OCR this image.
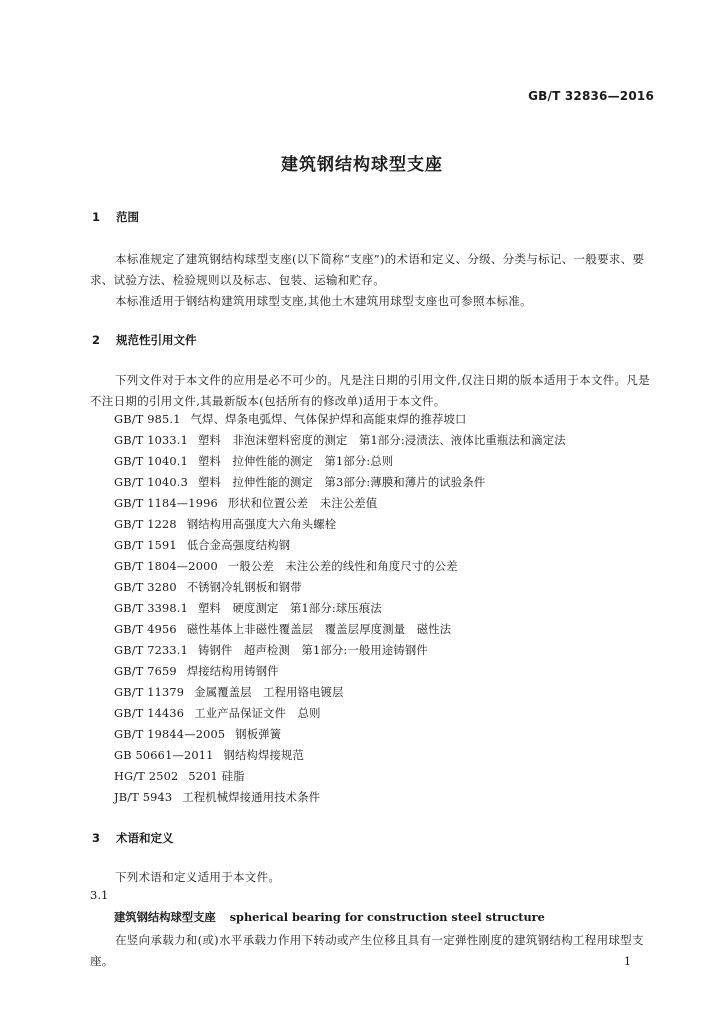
GB/T 32836—2016
建筑钢结构球型支座
1 范围
本标准规定了建筑钢结构球型支座(以下简称“支座”)的术语和定义、分级、分类与标记、一般要求、要求、试验方法、检验规则以及标志、包装、运输和贮存。
本标准适用于钢结构建筑用球型支座,其他土木建筑用球型支座也可参照本标准。
2 规范性引用文件
下列文件对于本文件的应用是必不可少的。凡是注日期的引用文件,仅注日期的版本适用于本文件。凡是不注日期的引用文件,其最新版本(包括所有的修改单)适用于本文件。
GB/T 985.1 气焊、焊条电弧焊、气体保护焊和高能束焊的推荐坡口
GB/T 1033.1 塑料　非泡沫塑料密度的测定　第1部分:浸渍法、液体比重瓶法和滴定法
GB/T 1040.1 塑料　拉伸性能的测定　第1部分:总则
GB/T 1040.3 塑料　拉伸性能的测定　第3部分:薄膜和薄片的试验条件
GB/T 1184—1996 形状和位置公差　未注公差值
GB/T 1228 钢结构用高强度大六角头螺栓
GB/T 1591 低合金高强度结构钢
GB/T 1804—2000 一般公差　未注公差的线性和角度尺寸的公差
GB/T 3280 不锈钢冷轧钢板和钢带
GB/T 3398.1 塑料　硬度测定　第1部分:球压痕法
GB/T 4956 磁性基体上非磁性覆盖层　覆盖层厚度测量　磁性法
GB/T 7233.1 铸钢件　超声检测　第1部分:一般用途铸钢件
GB/T 7659 焊接结构用铸钢件
GB/T 11379 金属覆盖层　工程用铬电镀层
GB/T 14436 工业产品保证文件　总则
GB/T 19844—2005 钢板弹簧
GB 50661—2011 钢结构焊接规范
HG/T 2502 5201 硅脂
JB/T 5943 工程机械焊接通用技术条件
3 术语和定义
下列术语和定义适用于本文件。
3.1
建筑钢结构球型支座 spherical bearing for construction steel structure
在竖向承载力和(或)水平承载力作用下转动或产生位移且具有一定弹性刚度的建筑钢结构工程用球型支座。	1
